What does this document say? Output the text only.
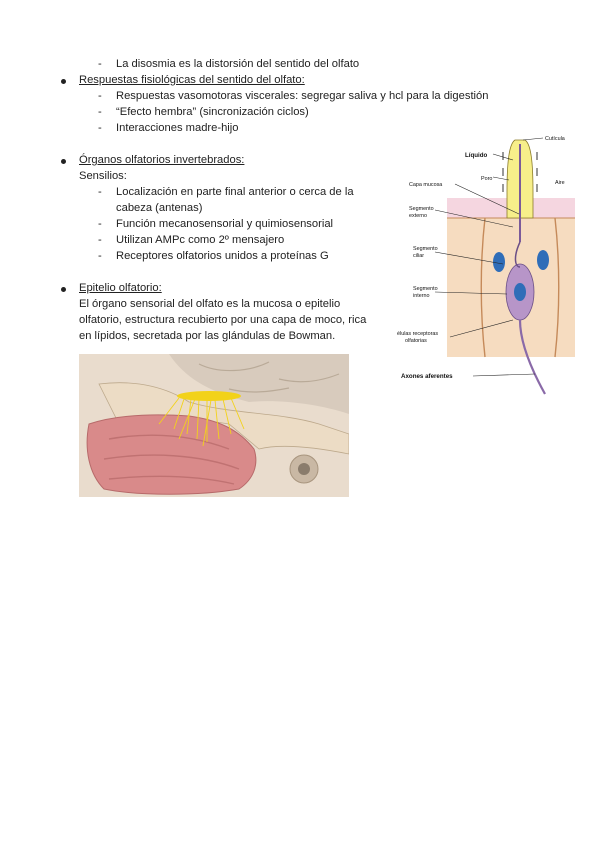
- La disosmia es la distorsión del sentido del olfato
Respuestas fisiológicas del sentido del olfato:
- Respuestas vasomotoras viscerales: segregar saliva y hcl para la digestión
- “Efecto hembra” (sincronización ciclos)
- Interacciones madre-hijo
Órganos olfatorios invertebrados:
Sensilios:
- Localización en parte final anterior o cerca de la
cabeza (antenas)
- Función mecanosensorial y quimiosensorial
- Utilizan AMPc como 2º mensajero
- Receptores olfatorios unidos a proteínas G
Epitelio olfatorio:
El órgano sensorial del olfato es la mucosa o epitelio
olfatorio, estructura recubierto por una capa de moco, rica
en lípidos, secretada por las glándulas de Bowman.
Cutícula
Líquido
Poro
Aire
Capa mucosa
Segmento
externo
Segmento
ciliar
Segmento
interno
élulas receptoras
olfatorias
Axones aferentes
